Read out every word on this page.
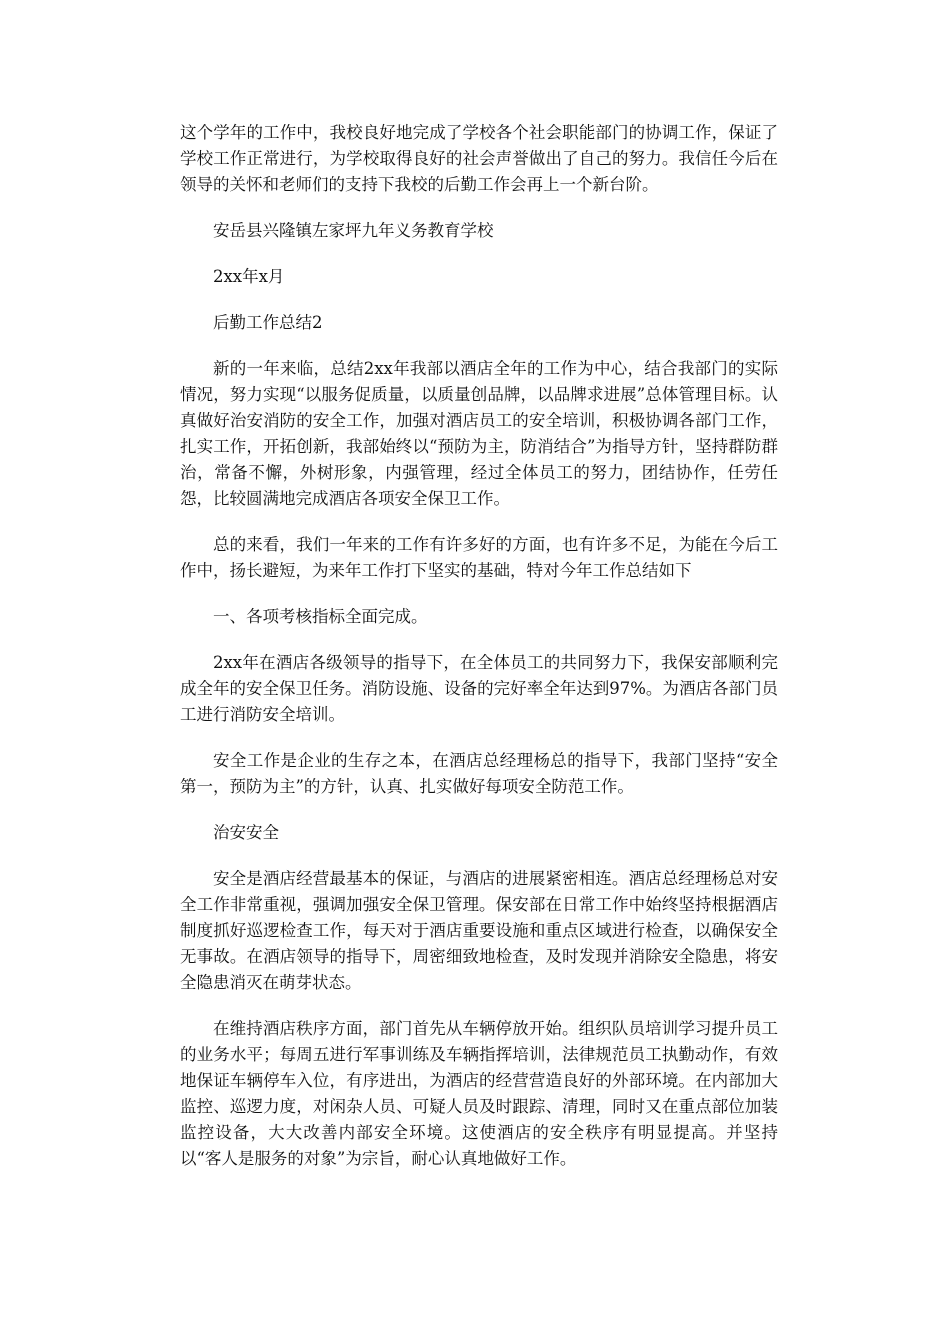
这个学年的工作中，我校良好地完成了学校各个社会职能部门的协调工作，保证了学校工作正常进行，为学校取得良好的社会声誉做出了自己的努力。我信任今后在领导的关怀和老师们的支持下我校的后勤工作会再上一个新台阶。

安岳县兴隆镇左家坪九年义务教育学校

2xx年x月

后勤工作总结2

新的一年来临，总结2xx年我部以酒店全年的工作为中心，结合我部门的实际情况，努力实现“以服务促质量，以质量创品牌，以品牌求进展”总体管理目标。认真做好治安消防的安全工作，加强对酒店员工的安全培训，积极协调各部门工作，扎实工作，开拓创新，我部始终以“预防为主，防消结合”为指导方针，坚持群防群治，常备不懈，外树形象，内强管理，经过全体员工的努力，团结协作，任劳任怨，比较圆满地完成酒店各项安全保卫工作。

总的来看，我们一年来的工作有许多好的方面，也有许多不足，为能在今后工作中，扬长避短，为来年工作打下坚实的基础，特对今年工作总结如下

一、各项考核指标全面完成。

2xx年在酒店各级领导的指导下，在全体员工的共同努力下，我保安部顺利完成全年的安全保卫任务。消防设施、设备的完好率全年达到97%。为酒店各部门员工进行消防安全培训。

安全工作是企业的生存之本，在酒店总经理杨总的指导下，我部门坚持“安全第一，预防为主”的方针，认真、扎实做好每项安全防范工作。

治安安全

安全是酒店经营最基本的保证，与酒店的进展紧密相连。酒店总经理杨总对安全工作非常重视，强调加强安全保卫管理。保安部在日常工作中始终坚持根据酒店制度抓好巡逻检查工作，每天对于酒店重要设施和重点区域进行检查，以确保安全无事故。在酒店领导的指导下，周密细致地检查，及时发现并消除安全隐患，将安全隐患消灭在萌芽状态。

在维持酒店秩序方面，部门首先从车辆停放开始。组织队员培训学习提升员工的业务水平；每周五进行军事训练及车辆指挥培训，法律规范员工执勤动作，有效地保证车辆停车入位，有序进出，为酒店的经营营造良好的外部环境。在内部加大监控、巡逻力度，对闲杂人员、可疑人员及时跟踪、清理，同时又在重点部位加装监控设备，大大改善内部安全环境。这使酒店的安全秩序有明显提高。并坚持以“客人是服务的对象”为宗旨，耐心认真地做好工作。
